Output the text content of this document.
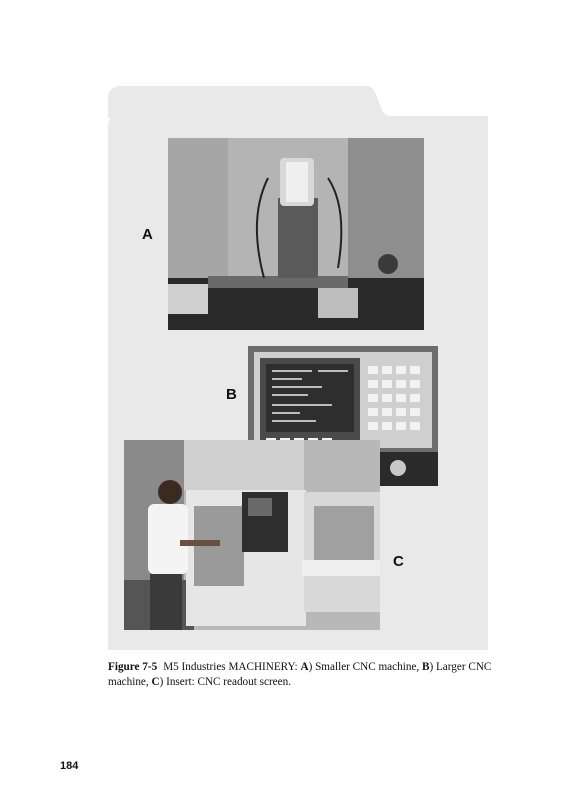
A
B
C
Figure 7-5 M5 Industries MACHINERY: A) Smaller CNC machine, B) Larger CNC machine, C) Insert: CNC readout screen.
184
